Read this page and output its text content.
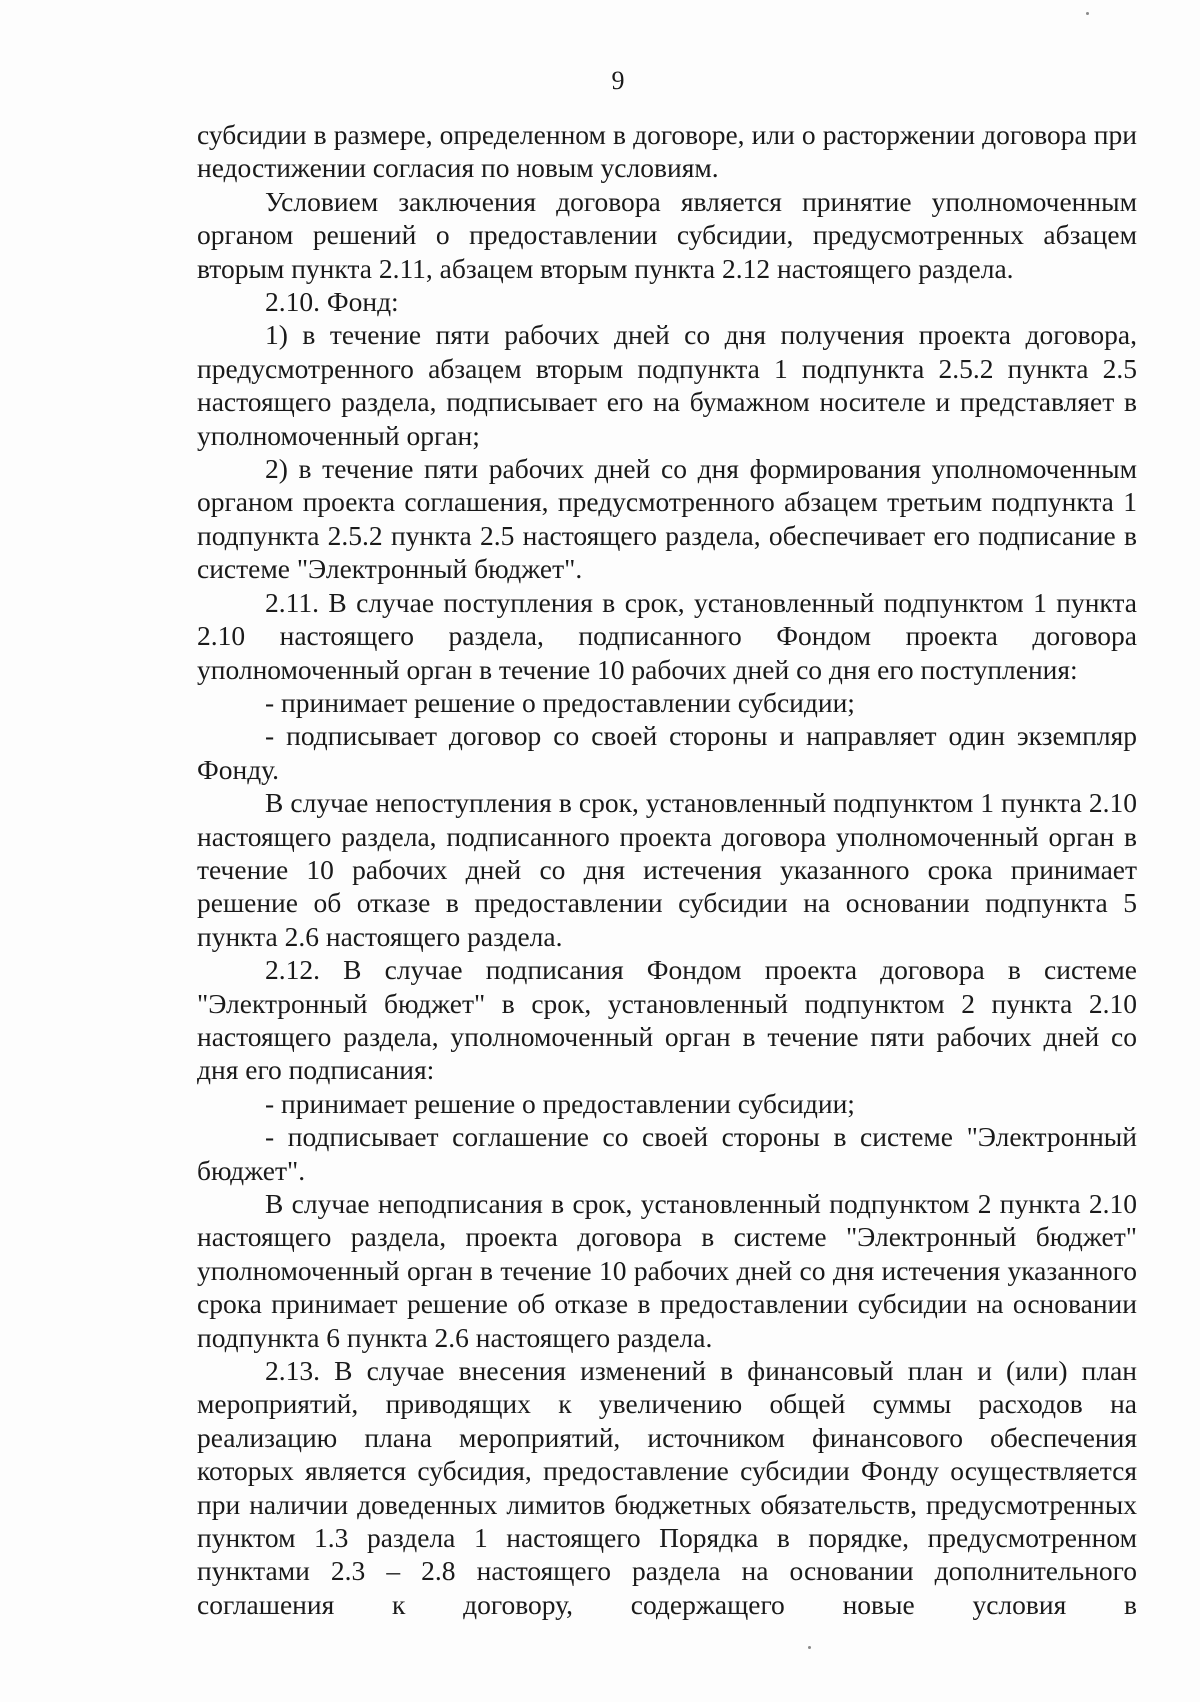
9

субсидии в размере, определенном в договоре, или о расторжении договора при недостижении согласия по новым условиям.

Условием заключения договора является принятие уполномоченным органом решений о предоставлении субсидии, предусмотренных абзацем вторым пункта 2.11, абзацем вторым пункта 2.12 настоящего раздела.

2.10. Фонд:

1) в течение пяти рабочих дней со дня получения проекта договора, предусмотренного абзацем вторым подпункта 1 подпункта 2.5.2 пункта 2.5 настоящего раздела, подписывает его на бумажном носителе и представляет в уполномоченный орган;

2) в течение пяти рабочих дней со дня формирования уполномоченным органом проекта соглашения, предусмотренного абзацем третьим подпункта 1 подпункта 2.5.2 пункта 2.5 настоящего раздела, обеспечивает его подписание в системе "Электронный бюджет".

2.11. В случае поступления в срок, установленный подпунктом 1 пункта 2.10 настоящего раздела, подписанного Фондом проекта договора уполномоченный орган в течение 10 рабочих дней со дня его поступления:

- принимает решение о предоставлении субсидии;

- подписывает договор со своей стороны и направляет один экземпляр Фонду.

В случае непоступления в срок, установленный подпунктом 1 пункта 2.10 настоящего раздела, подписанного проекта договора уполномоченный орган в течение 10 рабочих дней со дня истечения указанного срока принимает решение об отказе в предоставлении субсидии на основании подпункта 5 пункта 2.6 настоящего раздела.

2.12. В случае подписания Фондом проекта договора в системе "Электронный бюджет" в срок, установленный подпунктом 2 пункта 2.10 настоящего раздела, уполномоченный орган в течение пяти рабочих дней со дня его подписания:

- принимает решение о предоставлении субсидии;

- подписывает соглашение со своей стороны в системе "Электронный бюджет".

В случае неподписания в срок, установленный подпунктом 2 пункта 2.10 настоящего раздела, проекта договора в системе "Электронный бюджет" уполномоченный орган в течение 10 рабочих дней со дня истечения указанного срока принимает решение об отказе в предоставлении субсидии на основании подпункта 6 пункта 2.6 настоящего раздела.

2.13. В случае внесения изменений в финансовый план и (или) план мероприятий, приводящих к увеличению общей суммы расходов на реализацию плана мероприятий, источником финансового обеспечения которых является субсидия, предоставление субсидии Фонду осуществляется при наличии доведенных лимитов бюджетных обязательств, предусмотренных пунктом 1.3 раздела 1 настоящего Порядка в порядке, предусмотренном пунктами 2.3 – 2.8 настоящего раздела на основании дополнительного соглашения к договору, содержащего новые условия в
